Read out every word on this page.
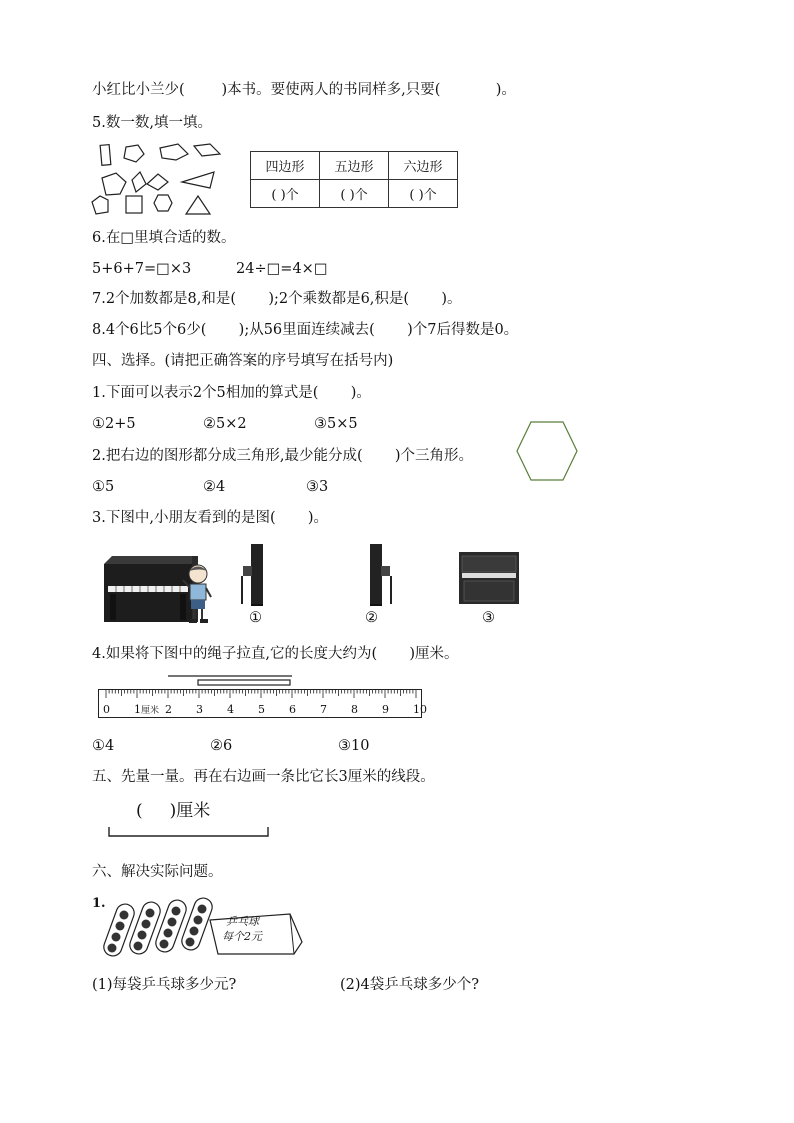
小红比小兰少(        )本书。要使两人的书同样多,只要(            )。
5.数一数,填一填。
四边形	五边形	六边形
( )个	( )个	( )个
6.在□里填合适的数。
5+6+7=□×3	24÷□=4×□
7.2个加数都是8,和是(       );2个乘数都是6,积是(       )。
8.4个6比5个6少(       );从56里面连续减去(       )个7后得数是0。
四、选择。(请把正确答案的序号填写在括号内)
1.下面可以表示2个5相加的算式是(       )。
①2+5	②5×2	③5×5
2.把右边的图形都分成三角形,最少能分成(       )个三角形。
①5	②4	③3
3.下图中,小朋友看到的是图(       )。
①	②	③
4.如果将下图中的绳子拉直,它的长度大约为(       )厘米。
0 1 2 3 4 5 6 7 8 9 10
厘米
①4	②6	③10
五、先量一量。再在右边画一条比它长3厘米的线段。
(     )厘米
六、解决实际问题。
1.
乒乓球
每个2元
(1)每袋乒乓球多少元?	(2)4袋乒乓球多少个?
